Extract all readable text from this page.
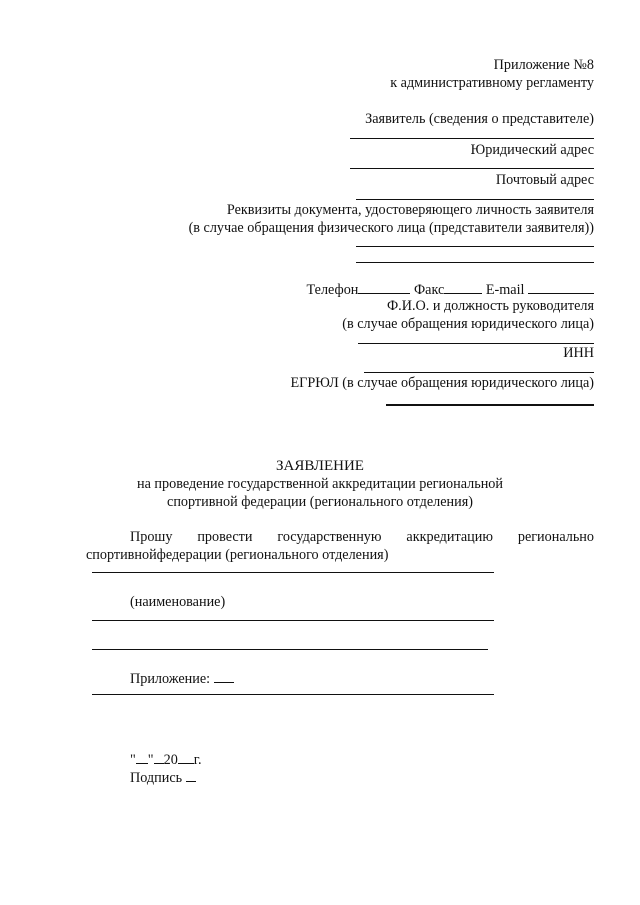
Приложение №8
к административному регламенту
Заявитель (сведения о представителе)
Юридический адрес
Почтовый адрес
Реквизиты документа, удостоверяющего личность заявителя
(в случае обращения физического лица (представители заявителя))
Телефон	Факс	E-mail
Ф.И.О. и должность руководителя
(в случае обращения юридического лица)
ИНН
ЕГРЮЛ (в случае обращения юридического лица)
ЗАЯВЛЕНИЕ
на проведение государственной аккредитации региональной
спортивной федерации (регионального отделения)
Прошу провести государственную аккредитацию регионально
спортивнойфедерации (регионального отделения)
(наименование)
Приложение:
" " 20 г.
Подпись
